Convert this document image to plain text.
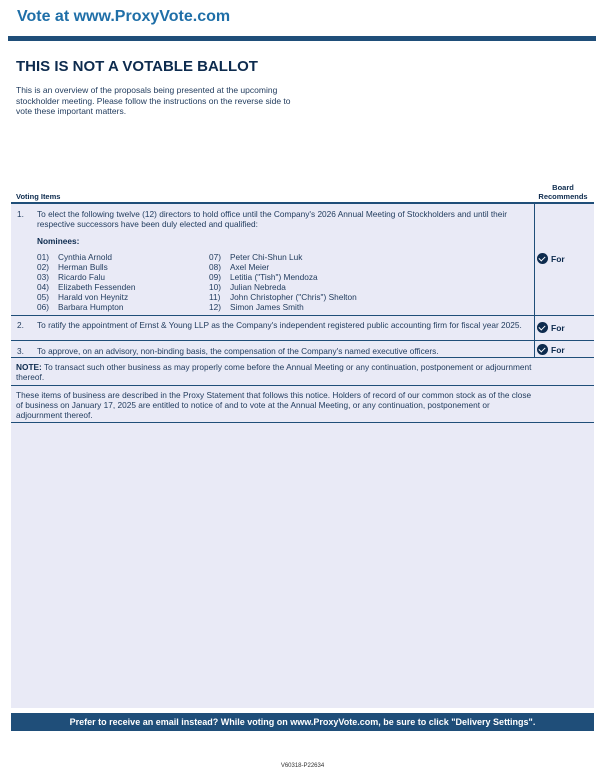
Vote at www.ProxyVote.com
THIS IS NOT A VOTABLE BALLOT
This is an overview of the proposals being presented at the upcoming stockholder meeting. Please follow the instructions on the reverse side to vote these important matters.
Board Recommends
Voting Items
1. To elect the following twelve (12) directors to hold office until the Company's 2026 Annual Meeting of Stockholders and until their respective successors have been duly elected and qualified:
Nominees:
01) Cynthia Arnold
02) Herman Bulls
03) Ricardo Falu
04) Elizabeth Fessenden
05) Harald von Heynitz
06) Barbara Humpton
07) Peter Chi-Shun Luk
08) Axel Meier
09) Letitia ("Tish") Mendoza
10) Julian Nebreda
11) John Christopher ("Chris") Shelton
12) Simon James Smith
For
2. To ratify the appointment of Ernst & Young LLP as the Company's independent registered public accounting firm for fiscal year 2025.	For
3. To approve, on an advisory, non-binding basis, the compensation of the Company's named executive officers.	For
NOTE: To transact such other business as may properly come before the Annual Meeting or any continuation, postponement or adjournment thereof.
These items of business are described in the Proxy Statement that follows this notice. Holders of record of our common stock as of the close of business on January 17, 2025 are entitled to notice of and to vote at the Annual Meeting, or any continuation, postponement or adjournment thereof.
Prefer to receive an email instead? While voting on www.ProxyVote.com, be sure to click "Delivery Settings".
V60318-P22634
